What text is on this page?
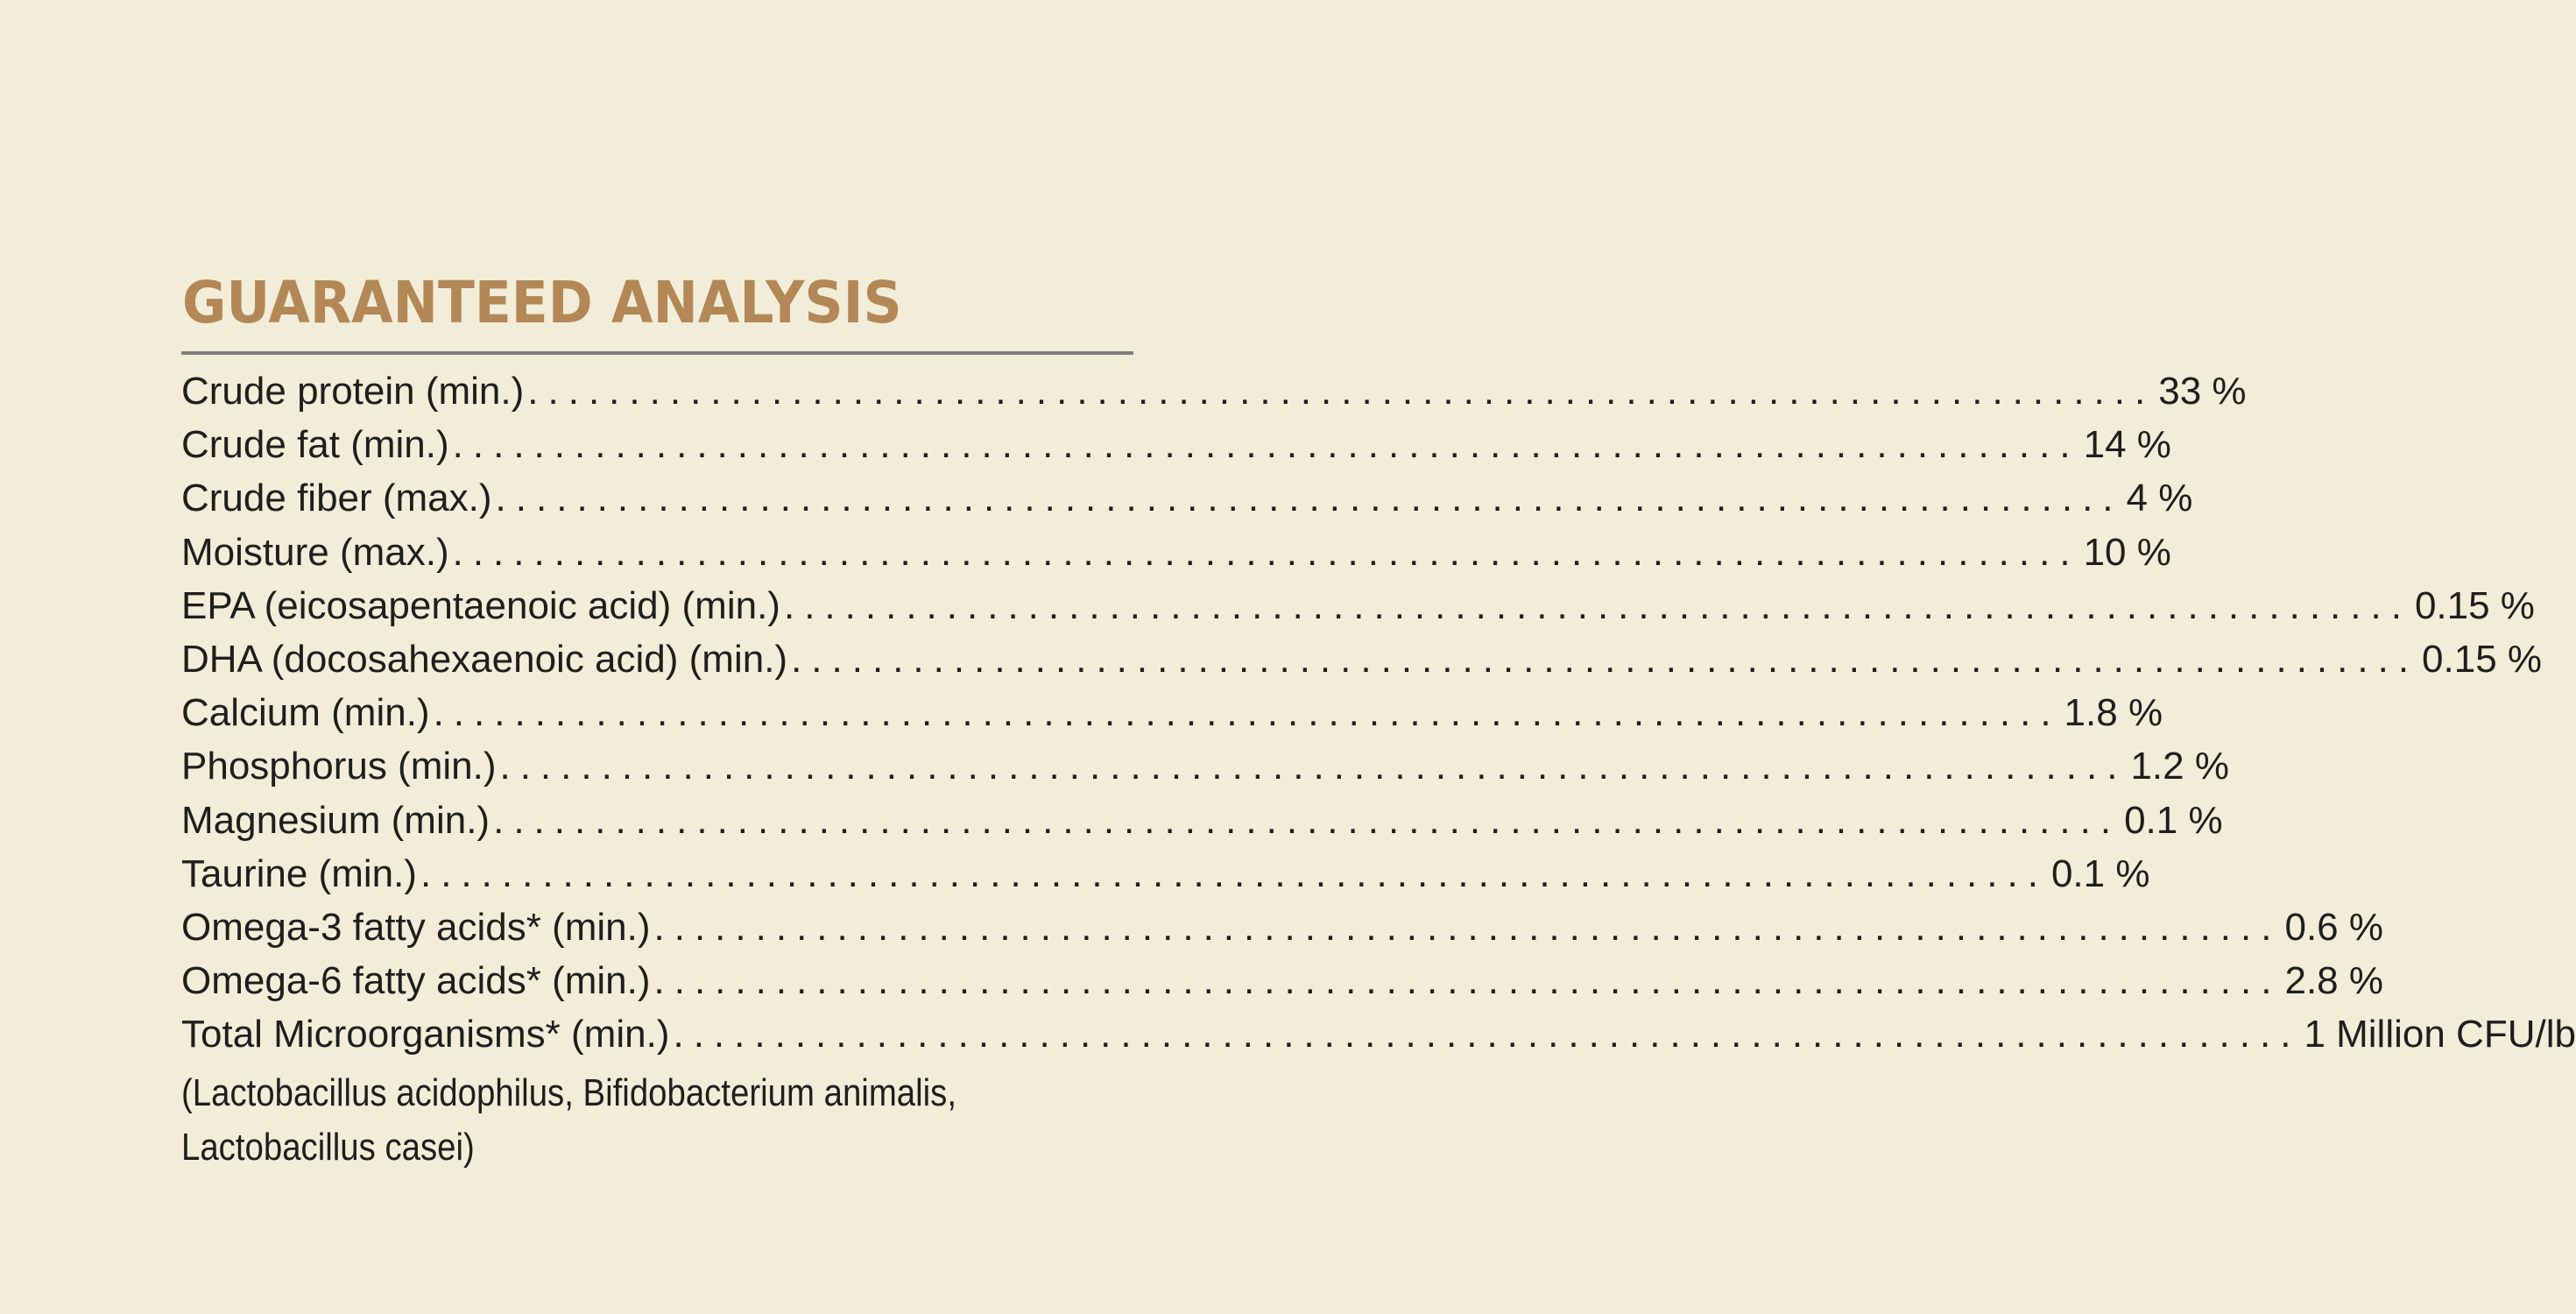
GUARANTEED ANALYSIS
Crude protein (min.) ................................................................................ 33 %
Crude fat (min.) ................................................................................ 14 %
Crude fiber (max.) ................................................................................ 4 %
Moisture (max.) ................................................................................ 10 %
EPA (eicosapentaenoic acid) (min.) ................................................................................ 0.15 %
DHA (docosahexaenoic acid) (min.) ................................................................................ 0.15 %
Calcium (min.) ................................................................................ 1.8 %
Phosphorus (min.) ................................................................................ 1.2 %
Magnesium (min.) ................................................................................ 0.1 %
Taurine (min.) ................................................................................ 0.1 %
Omega-3 fatty acids* (min.) ................................................................................ 0.6 %
Omega-6 fatty acids* (min.) ................................................................................ 2.8 %
Total Microorganisms* (min.) ................................................................................ 1 Million CFU/lb
(Lactobacillus acidophilus, Bifidobacterium animalis,
Lactobacillus casei)
